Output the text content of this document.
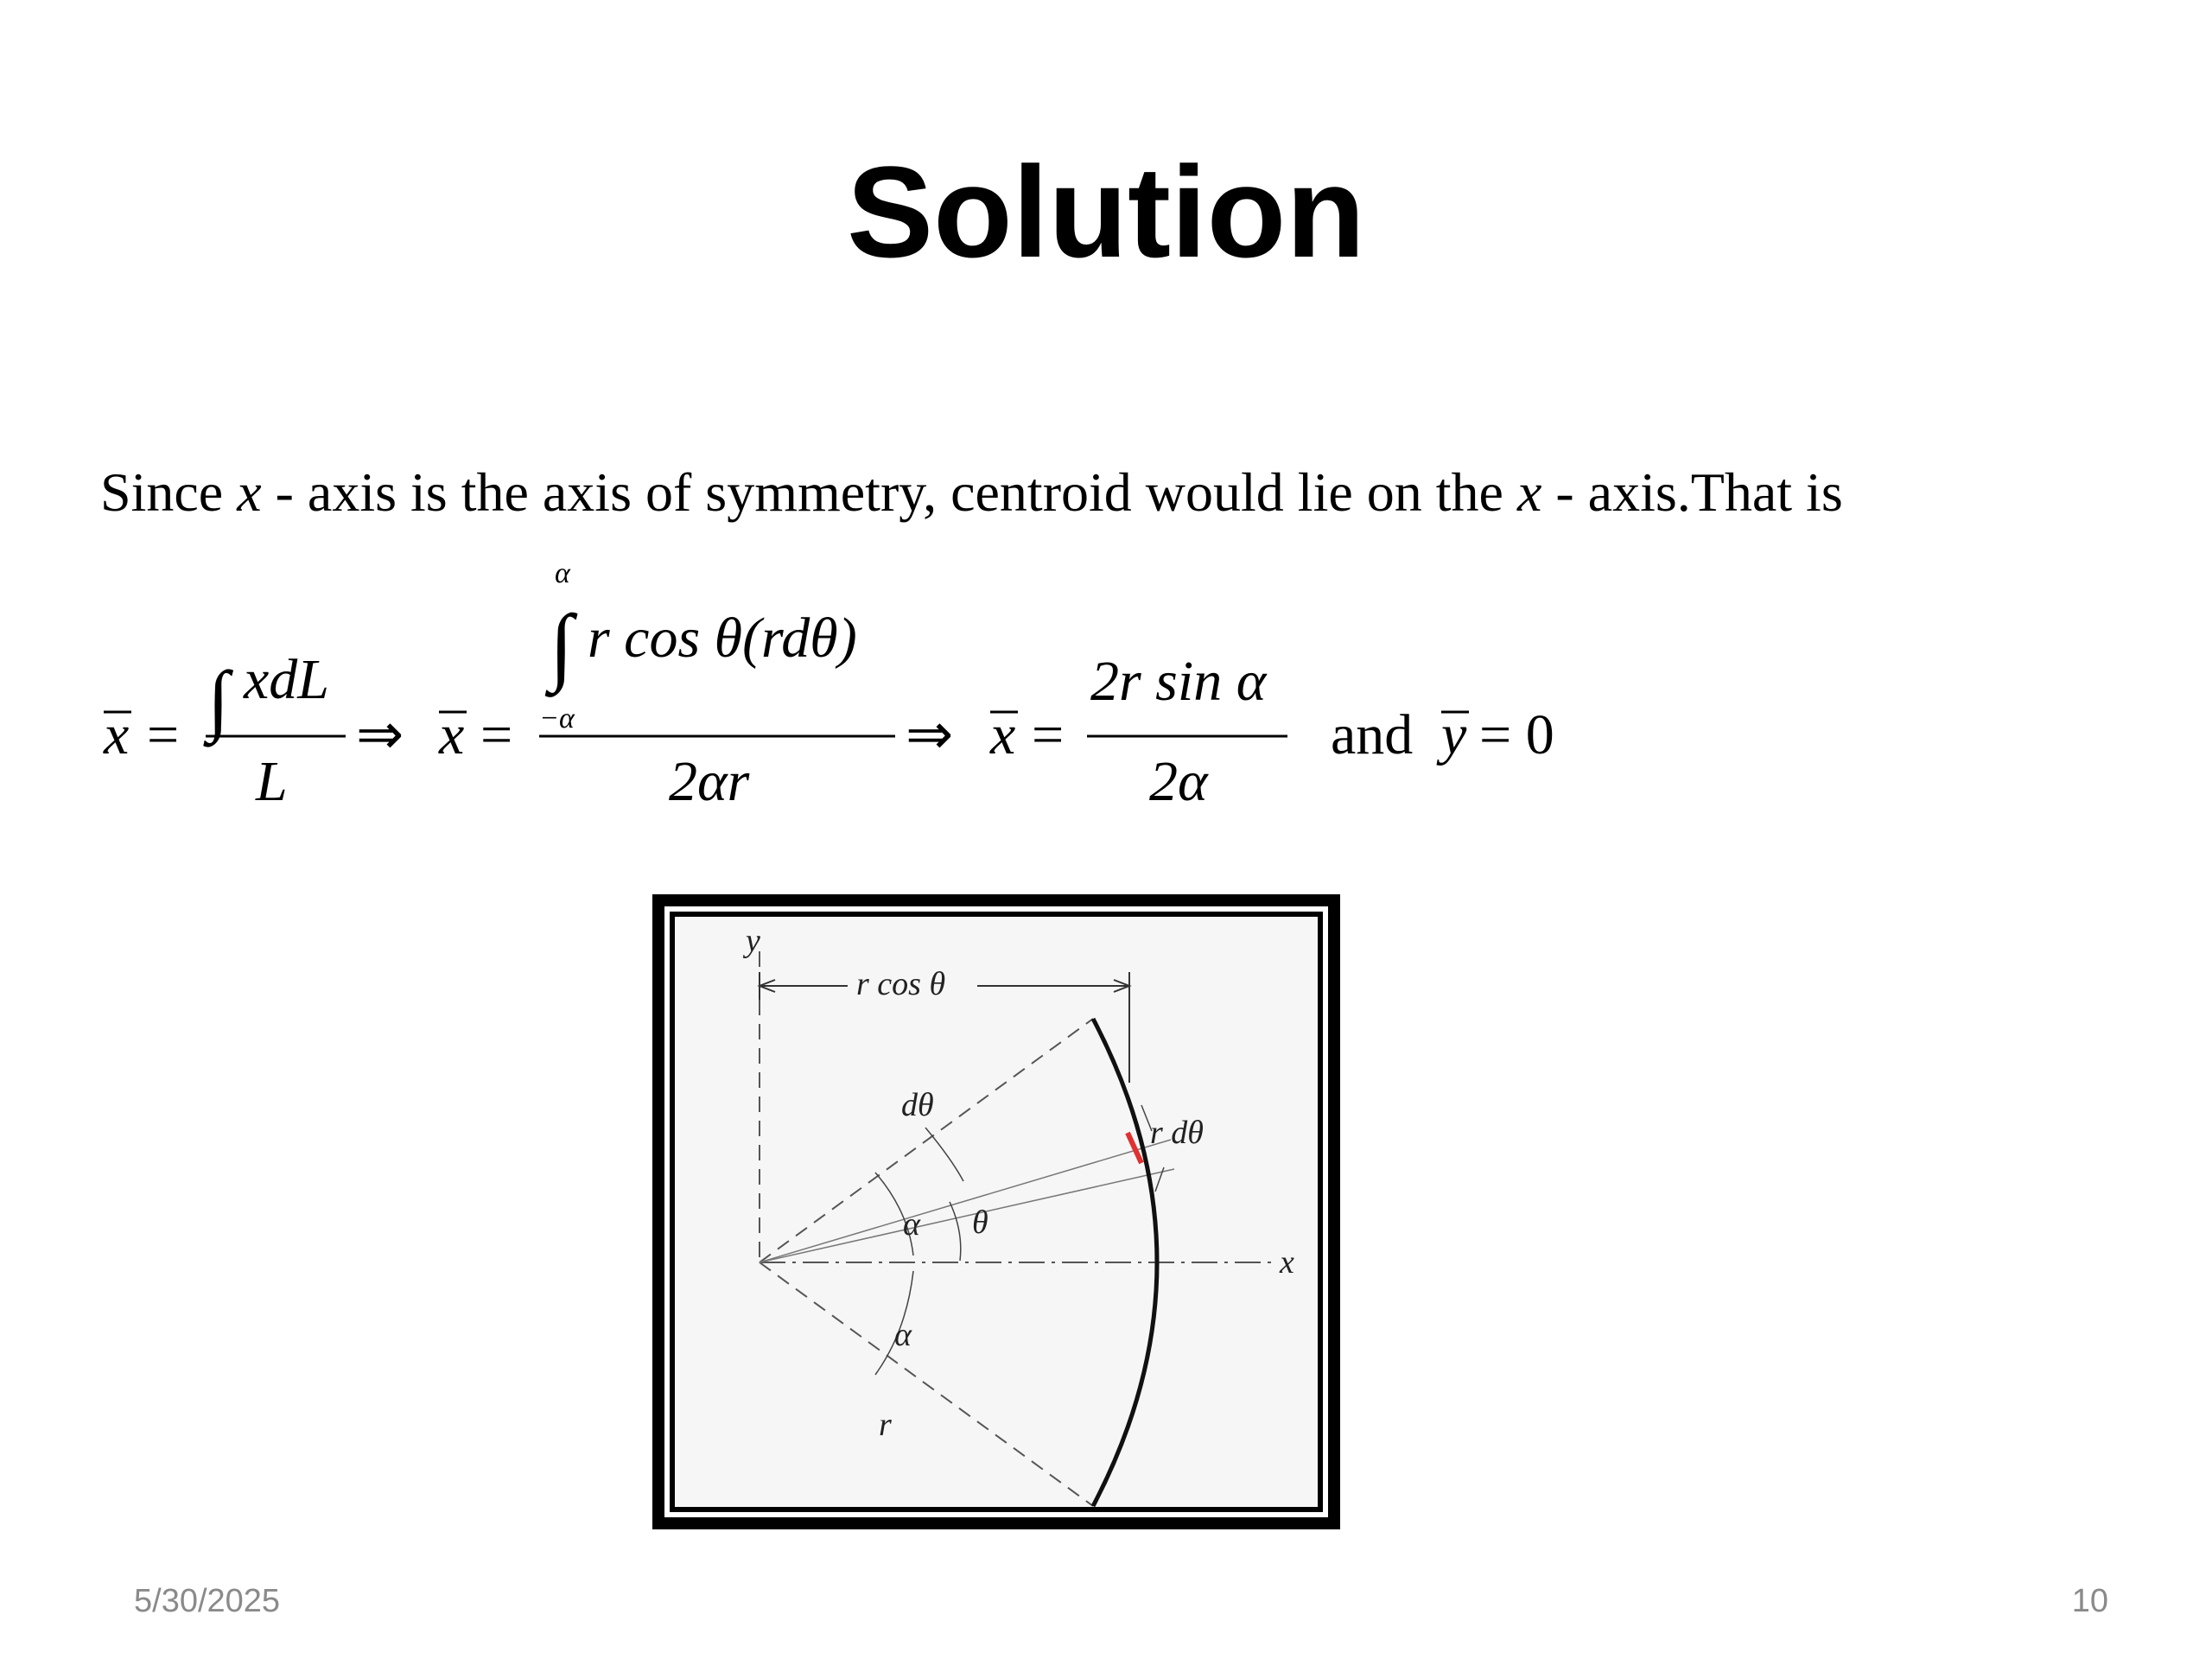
Solution
Since x - axis is the axis of symmetry, centroid would lie on the x - axis.That is
x = ∫ xdL
L
⇒ x =
α
∫
−α
r cos θ(rdθ)
2αr
⇒ x =
2r sin α
2α
and y = 0
y
x
r cos θ
r dθ
dθ
α θ
α
r
5/30/2025	10
